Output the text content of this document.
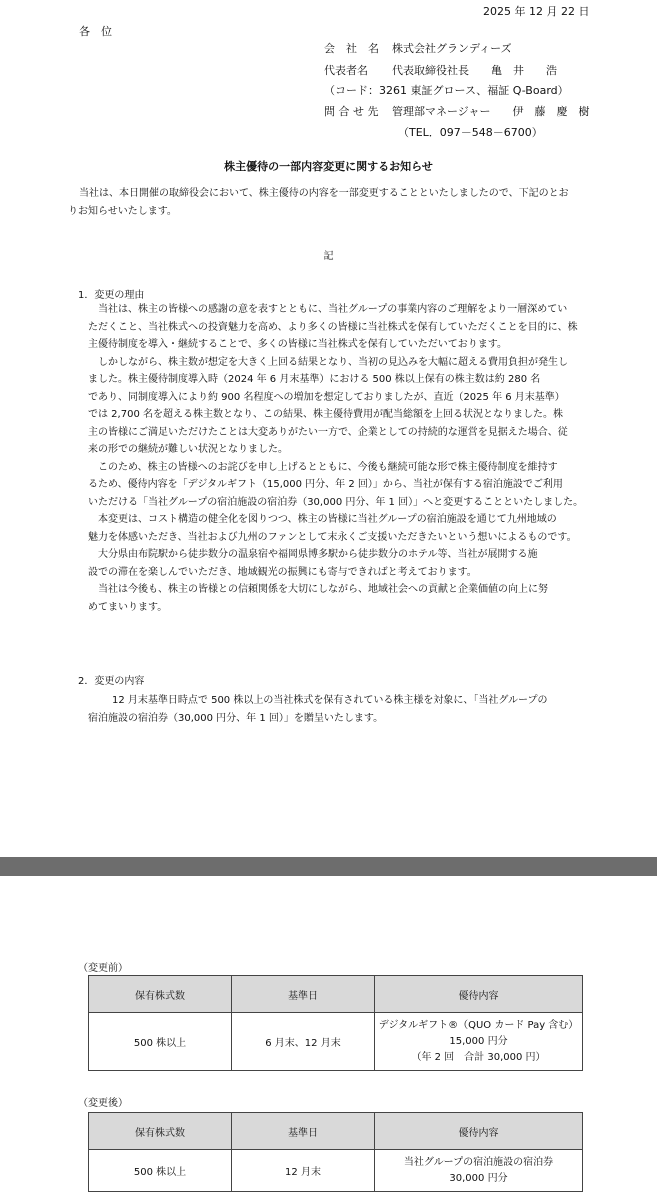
2025 年 12 月 22 日
各　位
会　社　名 株式会社グランディーズ
代表者名 代表取締役社長　　亀　井　　浩
（コード：3261 東証グロース、福証 Q-Board）
問 合 せ 先 管理部マネージャー　　伊　藤　慶　樹
（TEL．097－548－6700）
株主優待の一部内容変更に関するお知らせ
当社は、本日開催の取締役会において、株主優待の内容を一部変更することといたしましたので、下記のとお
りお知らせいたします。
記
1．変更の理由
当社は、株主の皆様への感謝の意を表すとともに、当社グループの事業内容のご理解をより一層深めてい
ただくこと、当社株式への投資魅力を高め、より多くの皆様に当社株式を保有していただくことを目的に、株
主優待制度を導入・継続することで、多くの皆様に当社株式を保有していただいております。
しかしながら、株主数が想定を大きく上回る結果となり、当初の見込みを大幅に超える費用負担が発生し
ました。株主優待制度導入時（2024 年 6 月末基準）における 500 株以上保有の株主数は約 280 名
であり、同制度導入により約 900 名程度への増加を想定しておりましたが、直近（2025 年 6 月末基準）
では 2,700 名を超える株主数となり、この結果、株主優待費用が配当総額を上回る状況となりました。株
主の皆様にご満足いただけたことは大変ありがたい一方で、企業としての持続的な運営を見据えた場合、従
来の形での継続が難しい状況となりました。
このため、株主の皆様へのお詫びを申し上げるとともに、今後も継続可能な形で株主優待制度を維持す
るため、優待内容を「デジタルギフト（15,000 円分、年 2 回）」から、当社が保有する宿泊施設でご利用
いただける「当社グループの宿泊施設の宿泊券（30,000 円分、年 1 回）」へと変更することといたしました。
本変更は、コスト構造の健全化を図りつつ、株主の皆様に当社グループの宿泊施設を通じて九州地域の
魅力を体感いただき、当社および九州のファンとして末永くご支援いただきたいという想いによるものです。
大分県由布院駅から徒歩数分の温泉宿や福岡県博多駅から徒歩数分のホテル等、当社が展開する施
設での滞在を楽しんでいただき、地域観光の振興にも寄与できればと考えております。
当社は今後も、株主の皆様との信頼関係を大切にしながら、地域社会への貢献と企業価値の向上に努
めてまいります。
2．変更の内容
12 月末基準日時点で 500 株以上の当社株式を保有されている株主様を対象に、「当社グループの
宿泊施設の宿泊券（30,000 円分、年 1 回）」を贈呈いたします。
（変更前）
保有株式数	基準日	優待内容
500 株以上	6 月末、12 月末	デジタルギフト®（QUO カード Pay 含む）
15,000 円分
（年 2 回　合計 30,000 円）
（変更後）
保有株式数	基準日	優待内容
500 株以上	12 月末	当社グループの宿泊施設の宿泊券
30,000 円分
